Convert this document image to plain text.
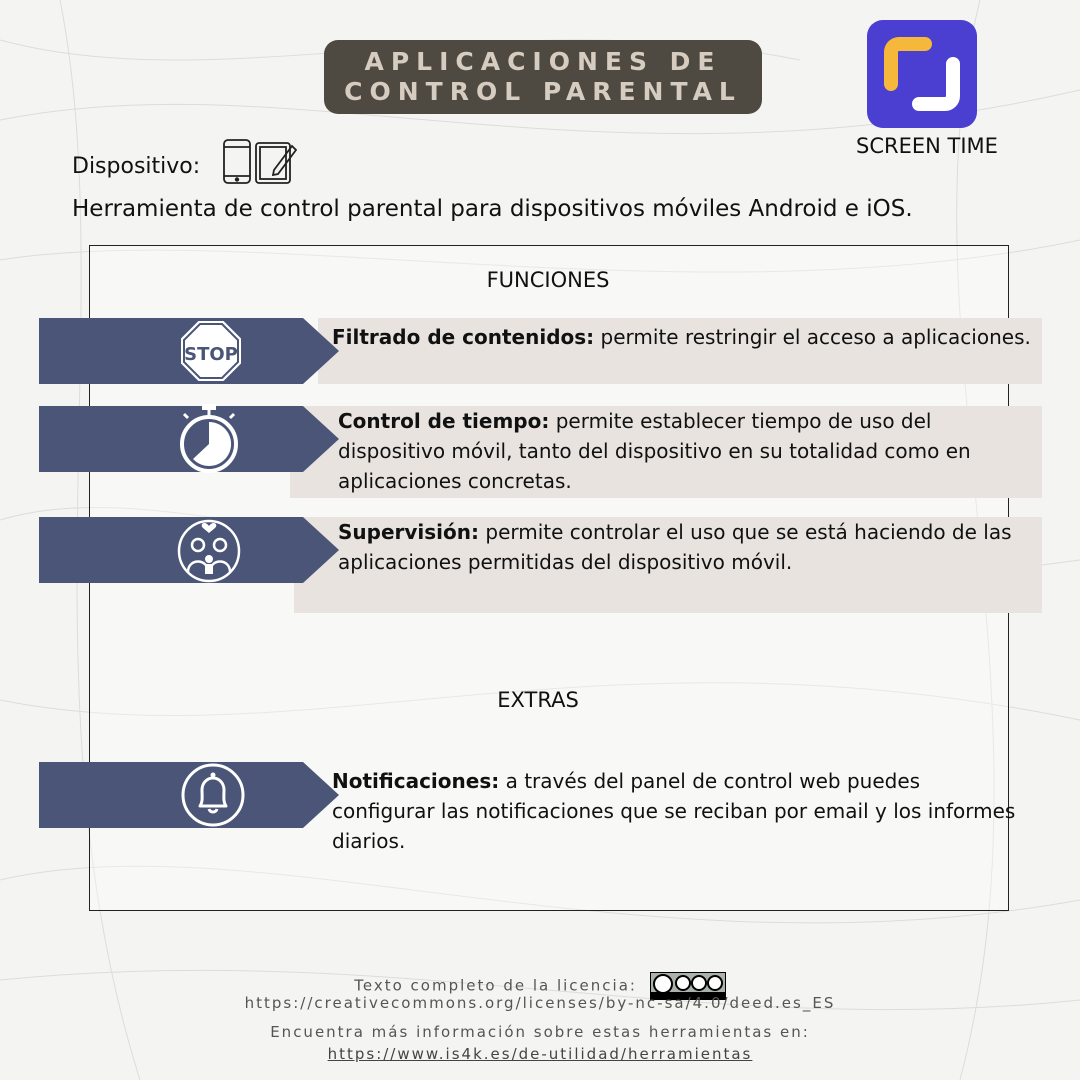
APLICACIONES DE
CONTROL PARENTAL
SCREEN TIME
Dispositivo:
Herramienta de control parental para dispositivos móviles Android e iOS.
FUNCIONES
STOP
Filtrado de contenidos: permite restringir el acceso a aplicaciones.
Control de tiempo: permite establecer tiempo de uso del dispositivo móvil, tanto del dispositivo en su totalidad como en aplicaciones concretas.
Supervisión: permite controlar el uso que se está haciendo de las aplicaciones permitidas del dispositivo móvil.
EXTRAS
Notificaciones: a través del panel de control web puedes configurar las notificaciones que se reciban por email y los informes diarios.
Texto completo de la licencia:
https://creativecommons.org/licenses/by-nc-sa/4.0/deed.es_ES
Encuentra más información sobre estas herramientas en:
https://www.is4k.es/de-utilidad/herramientas
